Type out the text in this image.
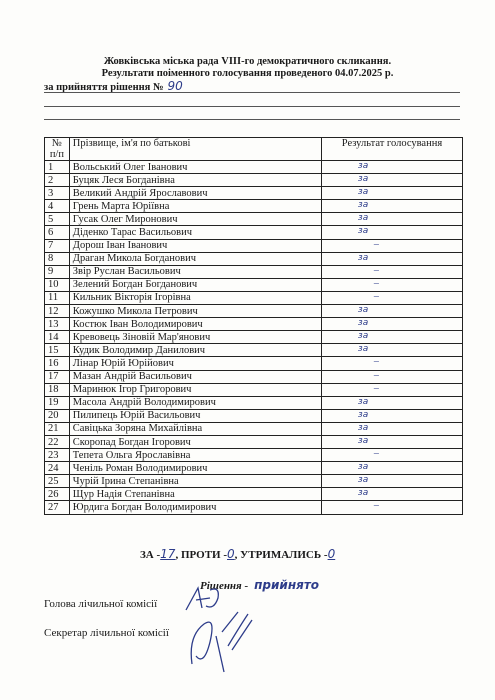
Жовківська міська рада VIII-го демократичного скликання.
Результати поіменного голосування проведеного 04.07.2025 р.
за прийняття рішення № 90
№ п/п	Прізвище, ім'я по батькові	Результат голосування
1	Вольський Олег Іванович	за

2	Буцяк Леся Богданівна	за

3	Великий Андрій Ярославович	за

4	Грень Марта Юріївна	за

5	Гусак Олег Миронович	за

6	Діденко Тарас Васильович	за

7	Дорош Іван Іванович	–

8	Драган Микола Богданович	за

9	Звір Руслан Васильович	–

10	Зелений Богдан Богданович	–

11	Кильник Вікторія Ігорівна	–

12	Кожушко Микола Петрович	за

13	Костюк Іван Володимирович	за

14	Кревовець Зіновій Мар'янович	за

15	Кудик Володимир Данилович	за

16	Лінар Юрій Юрійович	–

17	Мазан Андрій Васильович	–

18	Маринюк Ігор Григорович	–

19	Масола Андрій Володимирович	за

20	Пилипець Юрій Васильович	за

21	Савіцька Зоряна Михайлівна	за

22	Скоропад Богдан Ігорович	за

23	Тепета Ольга Ярославівна	–

24	Ченіль Роман Володимирович	за

25	Чурій Ірина Степанівна	за

26	Щур Надія Степанівна	за

27	Юрдига Богдан Володимирович	–
ЗА -17, ПРОТИ -0, УТРИМАЛИСЬ -0
Рішення - прийнято
Голова лічильної комісії
Секретар лічильної комісії
